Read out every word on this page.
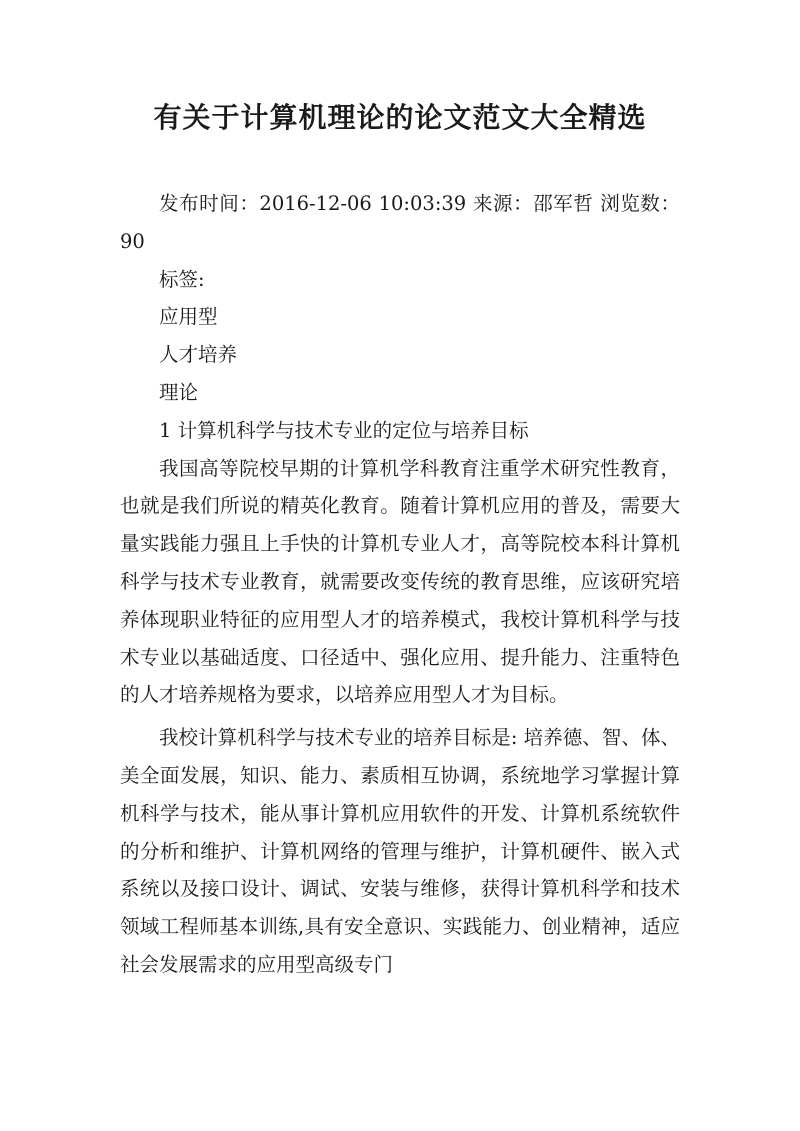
有关于计算机理论的论文范文大全精选

发布时间：2016-12-06 10:03:39 来源：邵军哲 浏览数：90

标签:

应用型

人才培养

理论

1 计算机科学与技术专业的定位与培养目标

我国高等院校早期的计算机学科教育注重学术研究性教育，也就是我们所说的精英化教育。随着计算机应用的普及，需要大量实践能力强且上手快的计算机专业人才，高等院校本科计算机科学与技术专业教育，就需要改变传统的教育思维，应该研究培养体现职业特征的应用型人才的培养模式，我校计算机科学与技术专业以基础适度、口径适中、强化应用、提升能力、注重特色的人才培养规格为要求，以培养应用型人才为目标。

我校计算机科学与技术专业的培养目标是: 培养德、智、体、美全面发展，知识、能力、素质相互协调，系统地学习掌握计算机科学与技术，能从事计算机应用软件的开发、计算机系统软件的分析和维护、计算机网络的管理与维护，计算机硬件、嵌入式系统以及接口设计、调试、安装与维修，获得计算机科学和技术领域工程师基本训练,具有安全意识、实践能力、创业精神，适应社会发展需求的应用型高级专门
